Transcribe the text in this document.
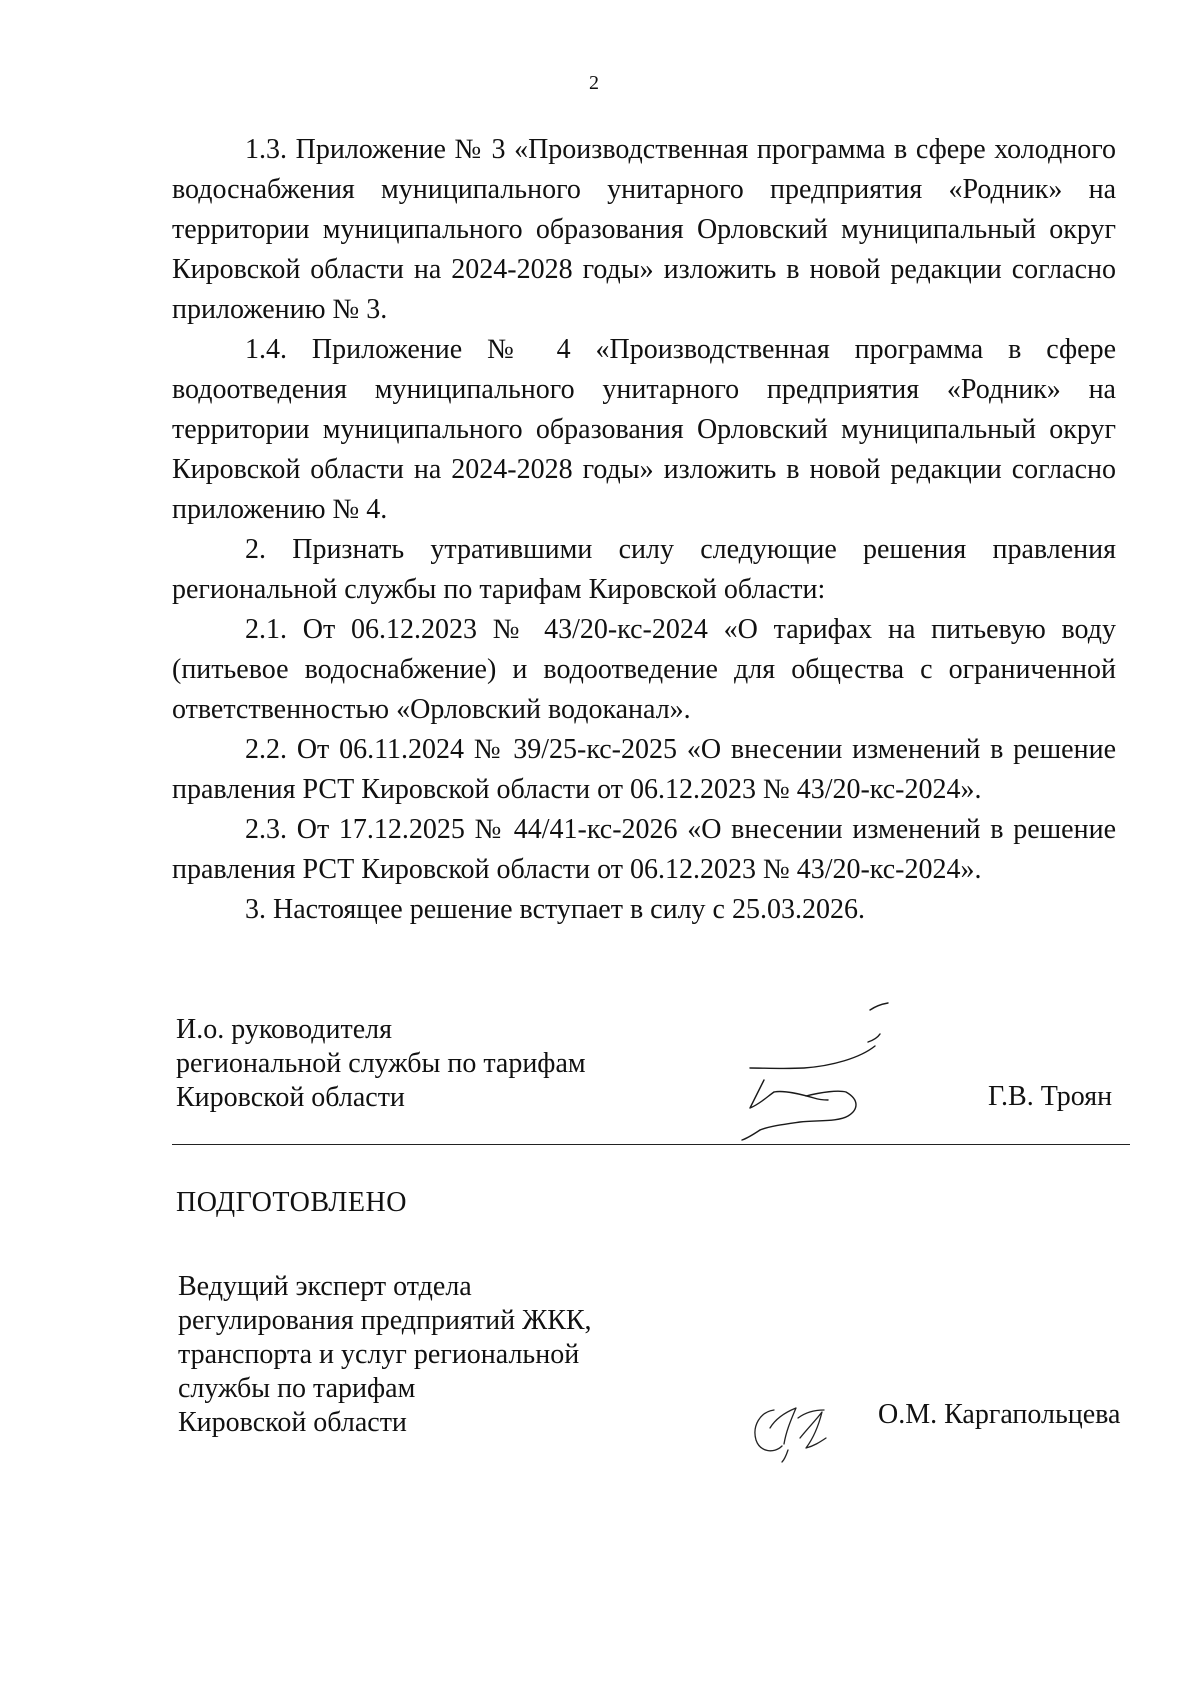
2

1.3. Приложение № 3 «Производственная программа в сфере холодного водоснабжения муниципального унитарного предприятия «Родник» на территории муниципального образования Орловский муниципальный округ Кировской области на 2024-2028 годы» изложить в новой редакции согласно приложению № 3.

1.4. Приложение № 4 «Производственная программа в сфере водоотведения муниципального унитарного предприятия «Родник» на территории муниципального образования Орловский муниципальный округ Кировской области на 2024-2028 годы» изложить в новой редакции согласно приложению № 4.

2. Признать утратившими силу следующие решения правления региональной службы по тарифам Кировской области:

2.1. От 06.12.2023 № 43/20-кс-2024 «О тарифах на питьевую воду (питьевое водоснабжение) и водоотведение для общества с ограниченной ответственностью «Орловский водоканал».

2.2. От 06.11.2024 № 39/25-кс-2025 «О внесении изменений в решение правления РСТ Кировской области от 06.12.2023 № 43/20-кс-2024».

2.3. От 17.12.2025 № 44/41-кс-2026 «О внесении изменений в решение правления РСТ Кировской области от 06.12.2023 № 43/20-кс-2024».

3. Настоящее решение вступает в силу с 25.03.2026.

И.о. руководителя
региональной службы по тарифам
Кировской области	Г.В. Троян
ПОДГОТОВЛЕНО
Ведущий эксперт отдела
регулирования предприятий ЖКК,
транспорта и услуг региональной
службы по тарифам
Кировской области	О.М. Каргапольцева
